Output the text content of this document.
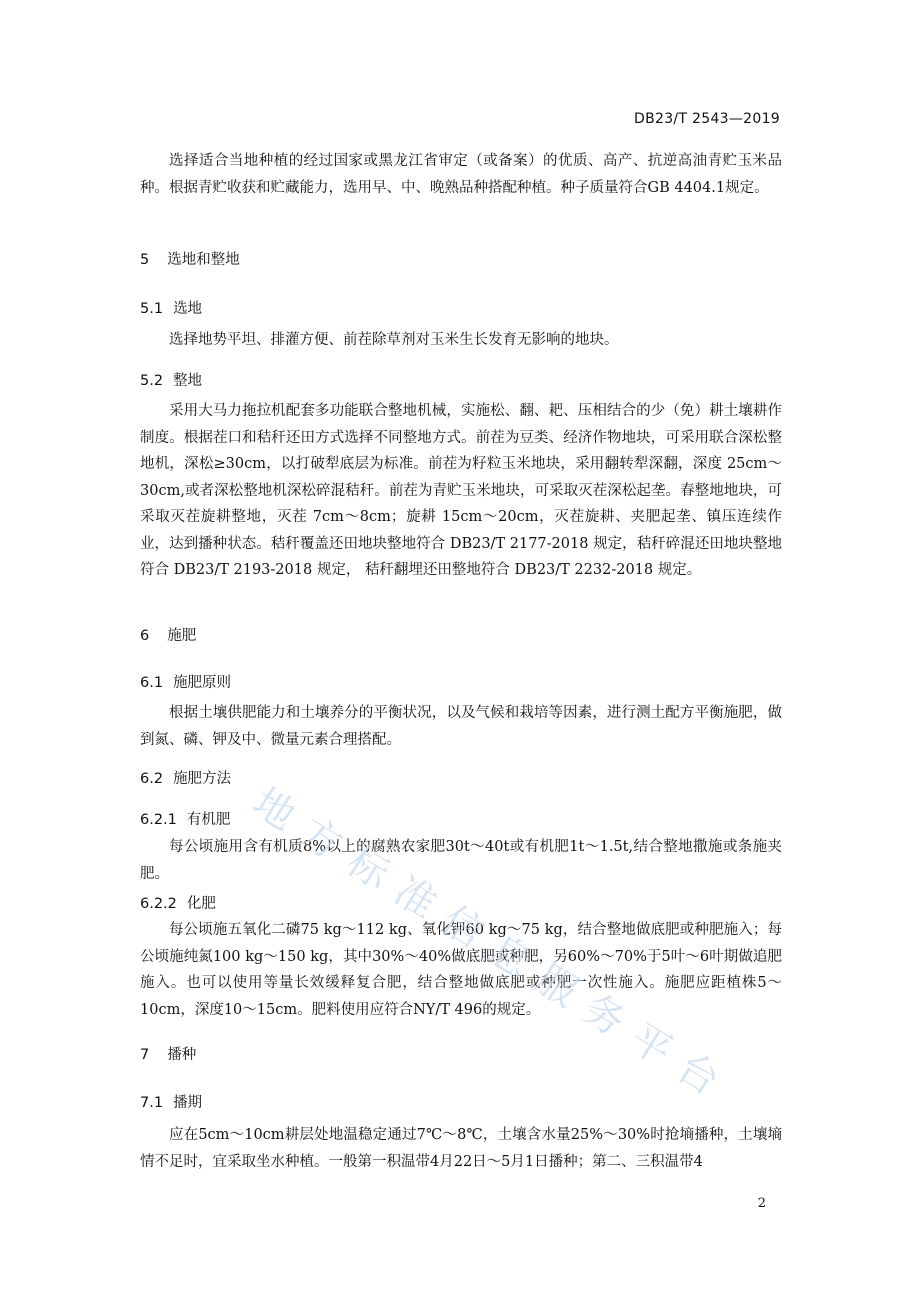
DB23/T 2543—2019

选择适合当地种植的经过国家或黑龙江省审定（或备案）的优质、高产、抗逆高油青贮玉米品种。根据青贮收获和贮藏能力，选用早、中、晚熟品种搭配种植。种子质量符合GB 4404.1规定。

5 选地和整地
5.1 选地

选择地势平坦、排灌方便、前茬除草剂对玉米生长发育无影响的地块。

5.2 整地

采用大马力拖拉机配套多功能联合整地机械，实施松、翻、耙、压相结合的少（免）耕土壤耕作制度。根据茬口和秸秆还田方式选择不同整地方式。前茬为豆类、经济作物地块，可采用联合深松整地机，深松≥30cm，以打破犁底层为标准。前茬为籽粒玉米地块，采用翻转犁深翻，深度 25cm～30cm,或者深松整地机深松碎混秸秆。前茬为青贮玉米地块，可采取灭茬深松起垄。春整地地块，可采取灭茬旋耕整地，灭茬 7cm～8cm；旋耕 15cm～20cm，灭茬旋耕、夹肥起垄、镇压连续作业，达到播种状态。秸秆覆盖还田地块整地符合 DB23/T 2177-2018 规定，秸秆碎混还田地块整地符合 DB23/T 2193-2018 规定， 秸秆翻埋还田整地符合 DB23/T 2232-2018 规定。

6 施肥
6.1 施肥原则

根据土壤供肥能力和土壤养分的平衡状况，以及气候和栽培等因素，进行测土配方平衡施肥，做到氮、磷、钾及中、微量元素合理搭配。

6.2 施肥方法
6.2.1 有机肥

每公顷施用含有机质8%以上的腐熟农家肥30t～40t或有机肥1t～1.5t,结合整地撒施或条施夹肥。

6.2.2 化肥

每公顷施五氧化二磷75 kg～112 kg、氧化钾60 kg～75 kg，结合整地做底肥或种肥施入；每公顷施纯氮100 kg～150 kg，其中30%～40%做底肥或种肥，另60%～70%于5叶～6叶期做追肥施入。也可以使用等量长效缓释复合肥，结合整地做底肥或种肥一次性施入。施肥应距植株5～10cm，深度10～15cm。肥料使用应符合NY/T 496的规定。

7 播种
7.1 播期

应在5cm～10cm耕层处地温稳定通过7℃～8℃，土壤含水量25%～30%时抢墒播种，土壤墒情不足时，宜采取坐水种植。一般第一积温带4月22日～5月1日播种；第二、三积温带4

2
地方标准信息服务平台
